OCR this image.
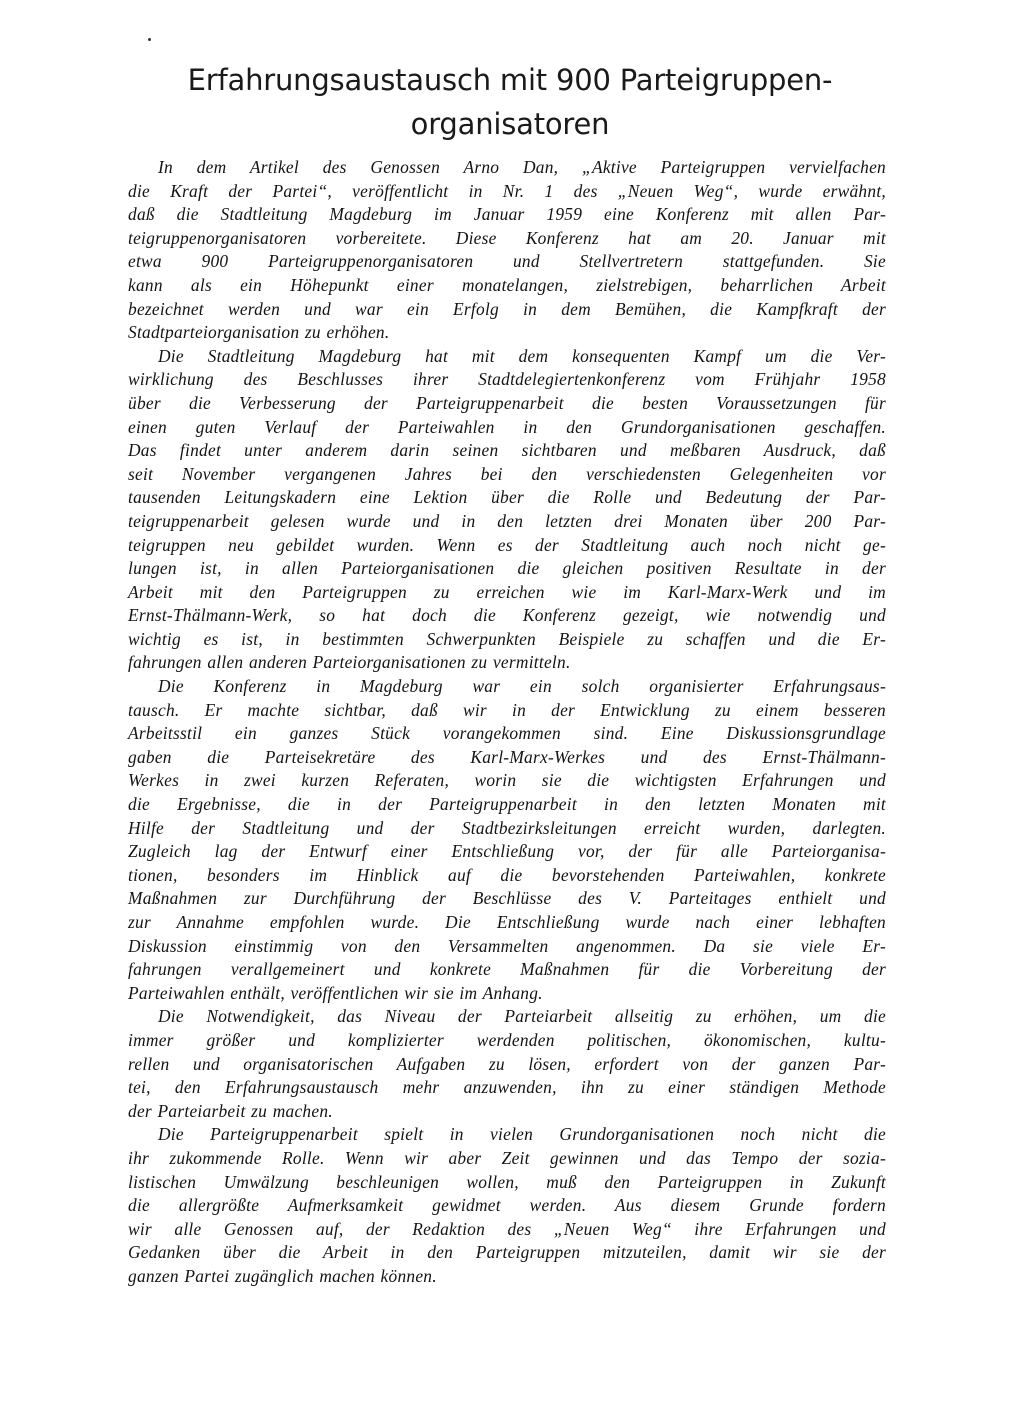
Erfahrungsaustausch mit 900 Parteigruppen-
organisatoren

In dem Artikel des Genossen Arno Dan, „Aktive Parteigruppen vervielfachen
die Kraft der Partei“, veröffentlicht in Nr. 1 des „Neuen Weg“, wurde erwähnt,
daß die Stadtleitung Magdeburg im Januar 1959 eine Konferenz mit allen Par-
teigruppenorganisatoren vorbereitete. Diese Konferenz hat am 20. Januar mit
etwa 900 Parteigruppenorganisatoren und Stellvertretern stattgefunden. Sie
kann als ein Höhepunkt einer monatelangen, zielstrebigen, beharrlichen Arbeit
bezeichnet werden und war ein Erfolg in dem Bemühen, die Kampfkraft der
Stadtparteiorganisation zu erhöhen.

Die Stadtleitung Magdeburg hat mit dem konsequenten Kampf um die Ver-
wirklichung des Beschlusses ihrer Stadtdelegiertenkonferenz vom Frühjahr 1958
über die Verbesserung der Parteigruppenarbeit die besten Voraussetzungen für
einen guten Verlauf der Parteiwahlen in den Grundorganisationen geschaffen.
Das findet unter anderem darin seinen sichtbaren und meßbaren Ausdruck, daß
seit November vergangenen Jahres bei den verschiedensten Gelegenheiten vor
tausenden Leitungskadern eine Lektion über die Rolle und Bedeutung der Par-
teigruppenarbeit gelesen wurde und in den letzten drei Monaten über 200 Par-
teigruppen neu gebildet wurden. Wenn es der Stadtleitung auch noch nicht ge-
lungen ist, in allen Parteiorganisationen die gleichen positiven Resultate in der
Arbeit mit den Parteigruppen zu erreichen wie im Karl-Marx-Werk und im
Ernst-Thälmann-Werk, so hat doch die Konferenz gezeigt, wie notwendig und
wichtig es ist, in bestimmten Schwerpunkten Beispiele zu schaffen und die Er-
fahrungen allen anderen Parteiorganisationen zu vermitteln.

Die Konferenz in Magdeburg war ein solch organisierter Erfahrungsaus-
tausch. Er machte sichtbar, daß wir in der Entwicklung zu einem besseren
Arbeitsstil ein ganzes Stück vorangekommen sind. Eine Diskussionsgrundlage
gaben die Parteisekretäre des Karl-Marx-Werkes und des Ernst-Thälmann-
Werkes in zwei kurzen Referaten, worin sie die wichtigsten Erfahrungen und
die Ergebnisse, die in der Parteigruppenarbeit in den letzten Monaten mit
Hilfe der Stadtleitung und der Stadtbezirksleitungen erreicht wurden, darlegten.
Zugleich lag der Entwurf einer Entschließung vor, der für alle Parteiorganisa-
tionen, besonders im Hinblick auf die bevorstehenden Parteiwahlen, konkrete
Maßnahmen zur Durchführung der Beschlüsse des V. Parteitages enthielt und
zur Annahme empfohlen wurde. Die Entschließung wurde nach einer lebhaften
Diskussion einstimmig von den Versammelten angenommen. Da sie viele Er-
fahrungen verallgemeinert und konkrete Maßnahmen für die Vorbereitung der
Parteiwahlen enthält, veröffentlichen wir sie im Anhang.

Die Notwendigkeit, das Niveau der Parteiarbeit allseitig zu erhöhen, um die
immer größer und komplizierter werdenden politischen, ökonomischen, kultu-
rellen und organisatorischen Aufgaben zu lösen, erfordert von der ganzen Par-
tei, den Erfahrungsaustausch mehr anzuwenden, ihn zu einer ständigen Methode
der Parteiarbeit zu machen.

Die Parteigruppenarbeit spielt in vielen Grundorganisationen noch nicht die
ihr zukommende Rolle. Wenn wir aber Zeit gewinnen und das Tempo der sozia-
listischen Umwälzung beschleunigen wollen, muß den Parteigruppen in Zukunft
die allergrößte Aufmerksamkeit gewidmet werden. Aus diesem Grunde fordern
wir alle Genossen auf, der Redaktion des „Neuen Weg“ ihre Erfahrungen und
Gedanken über die Arbeit in den Parteigruppen mitzuteilen, damit wir sie der
ganzen Partei zugänglich machen können.
